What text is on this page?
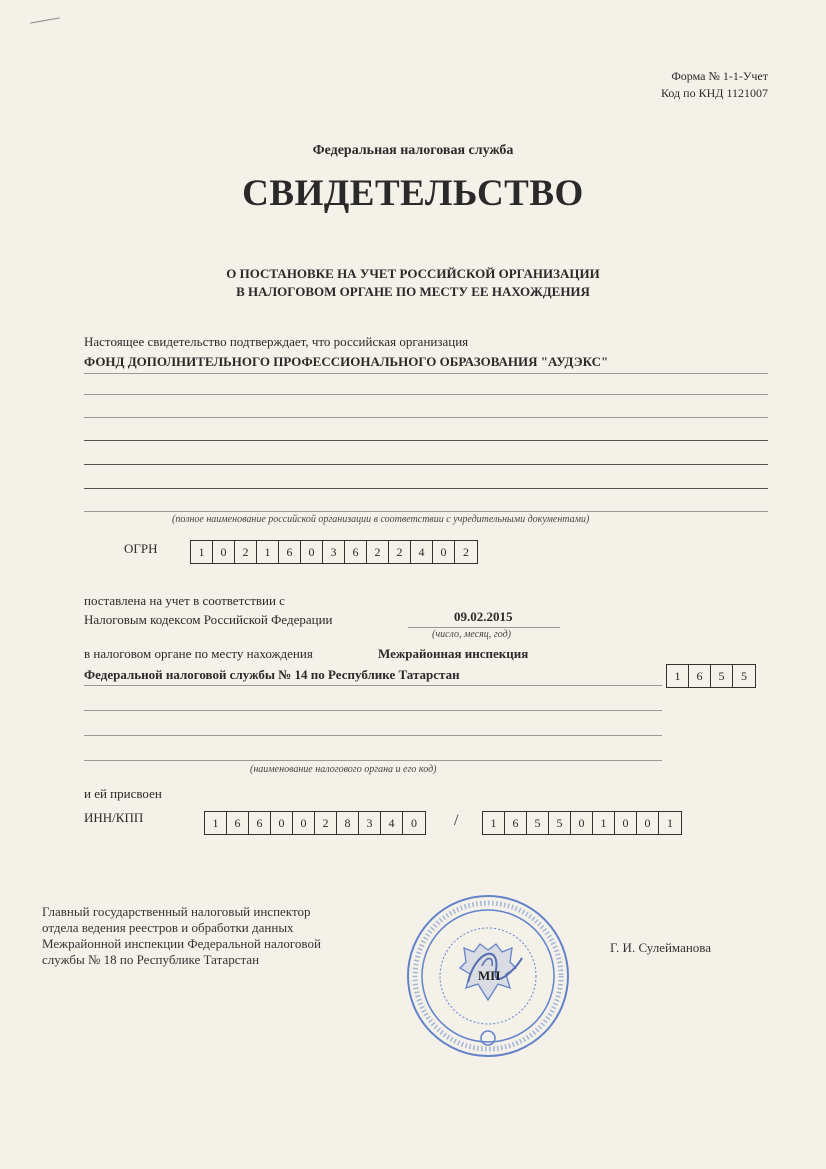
Форма № 1-1-Учет
Код по КНД 1121007
Федеральная налоговая служба
СВИДЕТЕЛЬСТВО
О ПОСТАНОВКЕ НА УЧЕТ РОССИЙСКОЙ ОРГАНИЗАЦИИ
В НАЛОГОВОМ ОРГАНЕ ПО МЕСТУ ЕЕ НАХОЖДЕНИЯ
Настоящее свидетельство подтверждает, что российская организация
ФОНД ДОПОЛНИТЕЛЬНОГО ПРОФЕССИОНАЛЬНОГО ОБРАЗОВАНИЯ "АУДЭКС"
(полное наименование российской организации в соответствии с учредительными документами)
ОГРН	1	0	2	1	6	0	3	6	2	2	4	0	2
поставлена на учет в соответствии с
Налоговым кодексом Российской Федерации	09.02.2015
(число, месяц, год)
в налоговом органе по месту нахождения	Межрайонная инспекция
Федеральной налоговой службы № 14 по Республике Татарстан	1	6	5	5
(наименование налогового органа и его код)
и ей присвоен
ИНН/КПП	1	6	6	0	0	2	8	3	4	0	/	1	6	5	5	0	1	0	0	1
Главный государственный налоговый инспектор
отдела ведения реестров и обработки данных
Межрайонной инспекции Федеральной налоговой
службы № 18 по Республике Татарстан
МП
Г. И. Сулейманова
